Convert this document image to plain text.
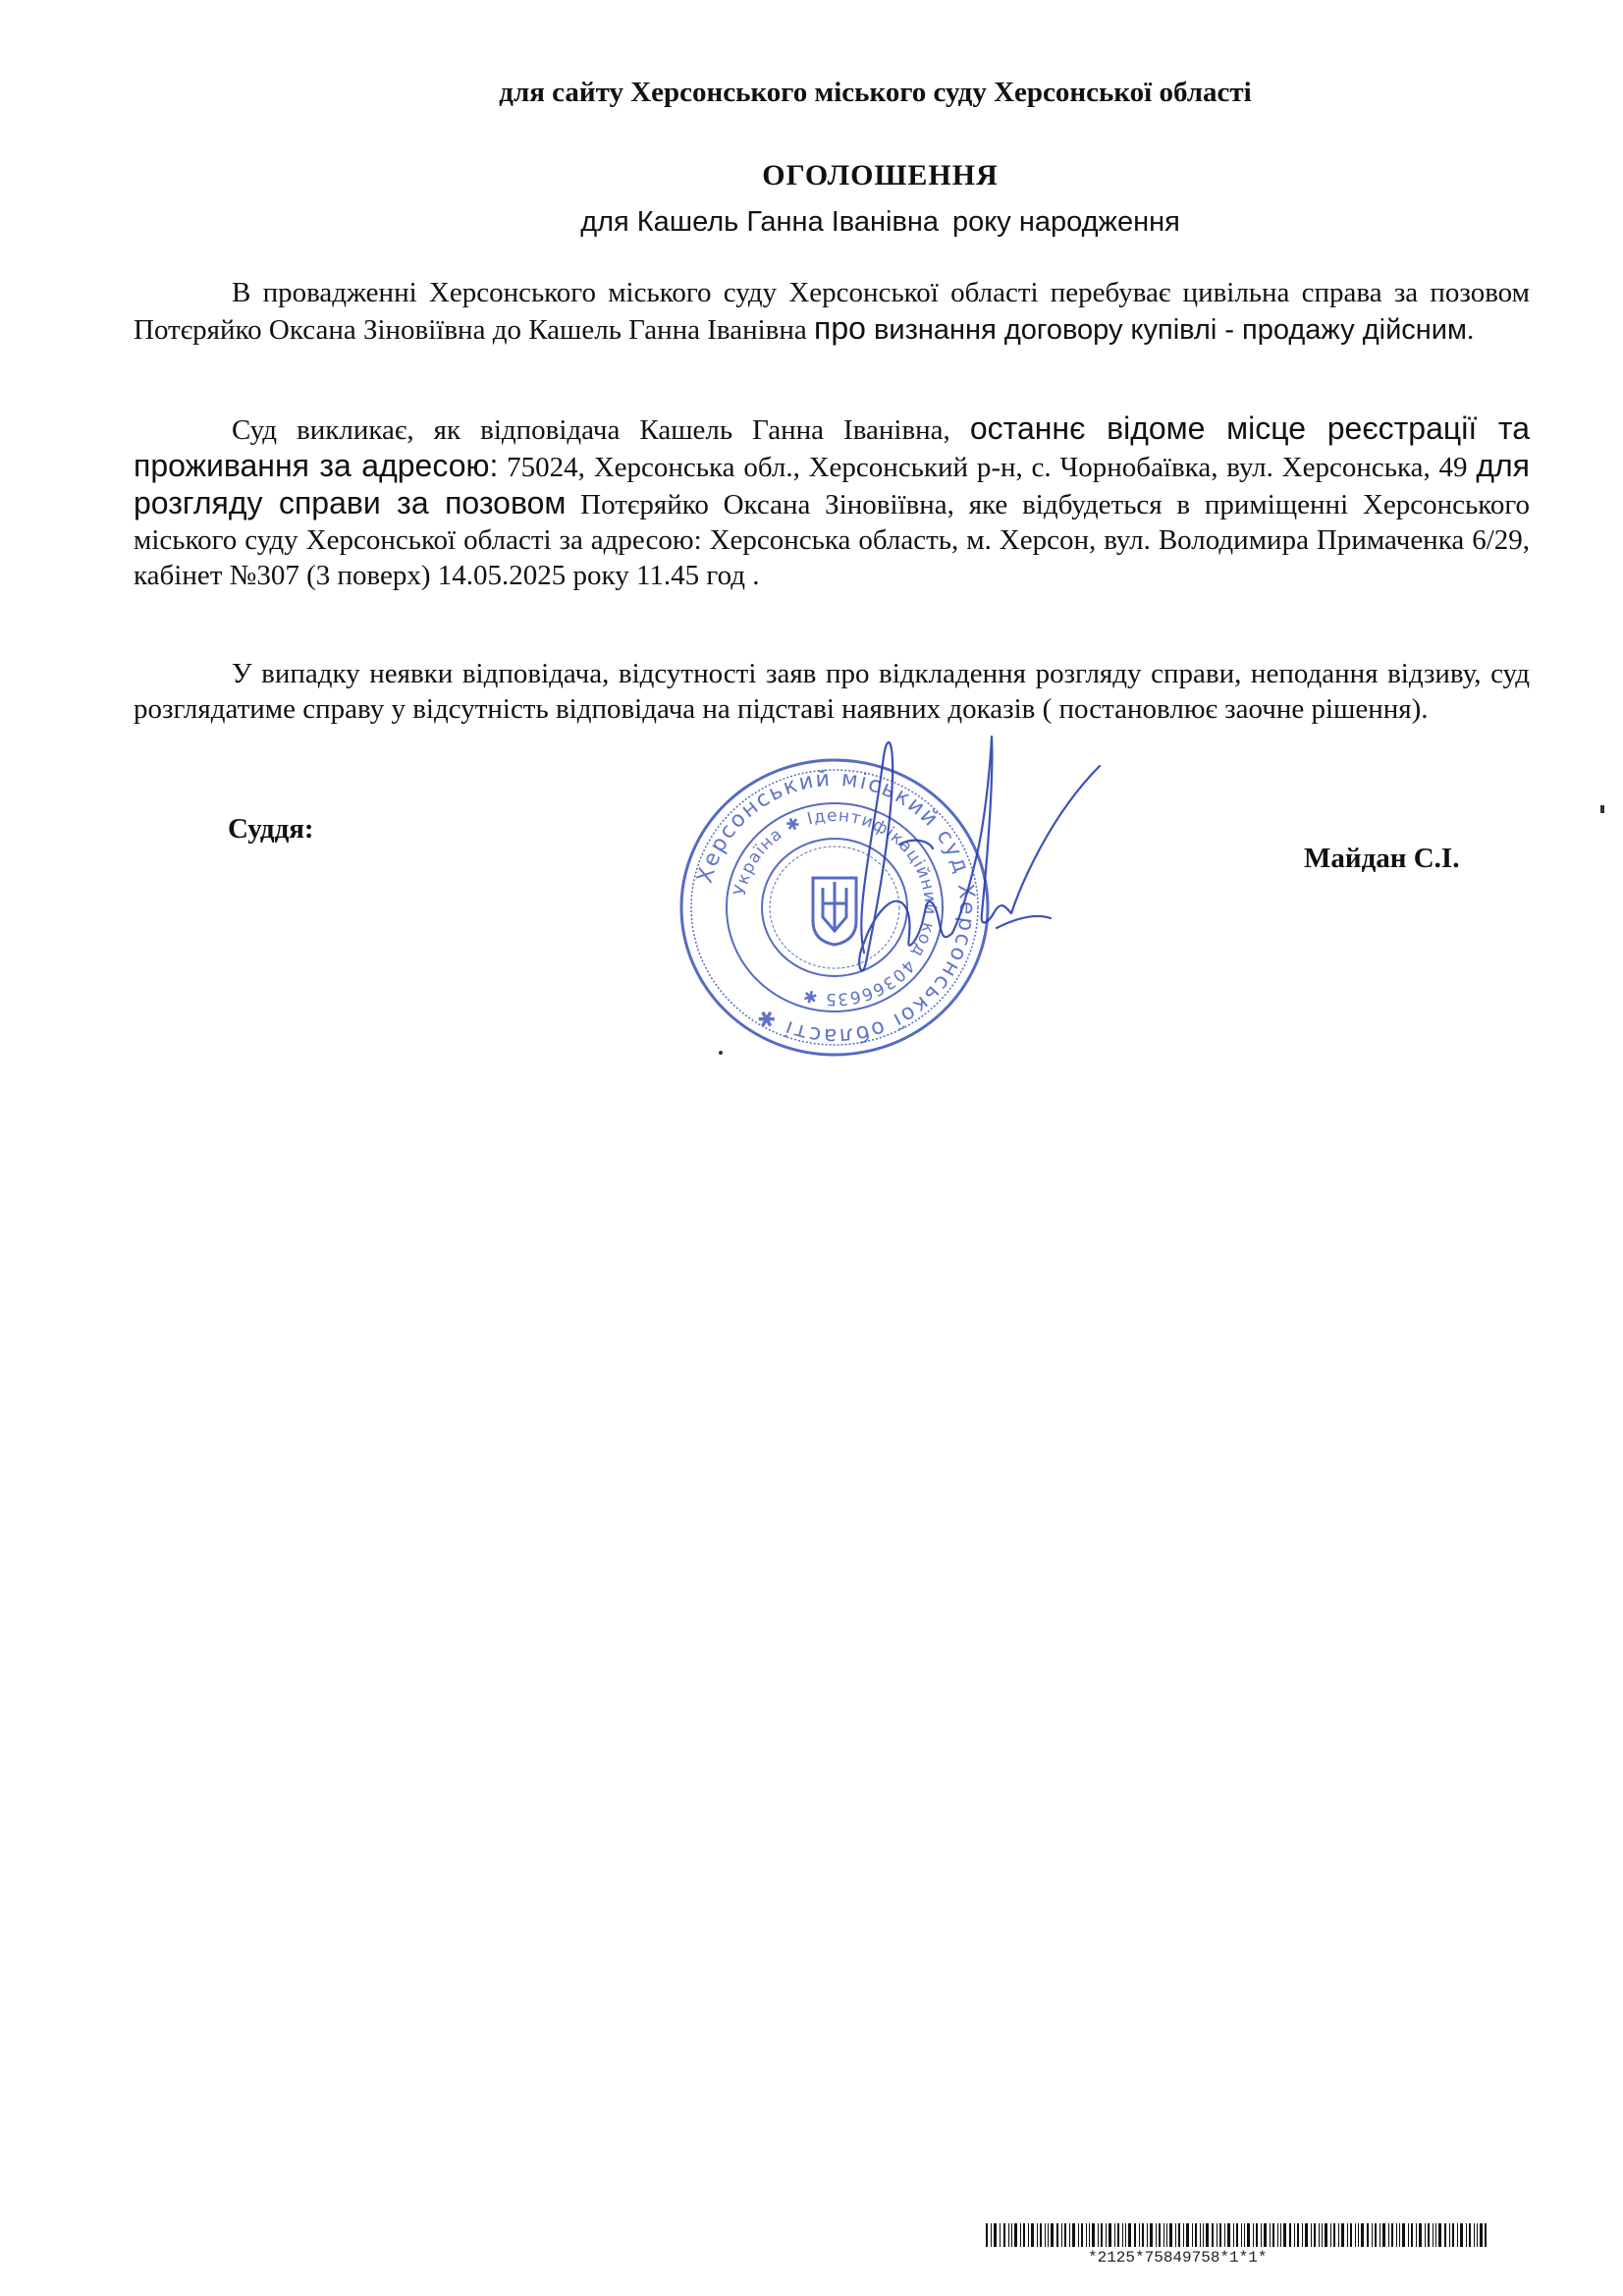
для сайту Херсонського міського суду Херсонської області
ОГОЛОШЕННЯ
для Кашель Ганна Іванівна року народження

В провадженні Херсонського міського суду Херсонської області перебуває цивільна справа за позовом Потєряйко Оксана Зіновіївна до Кашель Ганна Іванівна про визнання договору купівлі - продажу дійсним.

Суд викликає, як відповідача Кашель Ганна Іванівна, останнє відоме місце реєстрації та проживання за адресою: 75024, Херсонська обл., Херсонський р-н, с. Чорнобаївка, вул. Херсонська, 49 для розгляду справи за позовом Потєряйко Оксана Зіновіївна, яке відбудеться в приміщенні Херсонського міського суду Херсонської області за адресою: Херсонська область, м. Херсон, вул. Володимира Примаченка 6/29, кабінет №307 (3 поверх) 14.05.2025 року 11.45 год .

У випадку неявки відповідача, відсутності заяв про відкладення розгляду справи, неподання відзиву, суд розглядатиме справу у відсутність відповідача на підставі наявних доказів ( постановлює заочне рішення).

Суддя:
Майдан С.І.
Херсонський міський суд Херсонської області ✱
Україна ✱ Ідентифікаційний код 40366635 ✱
*2125*75849758*1*1*
